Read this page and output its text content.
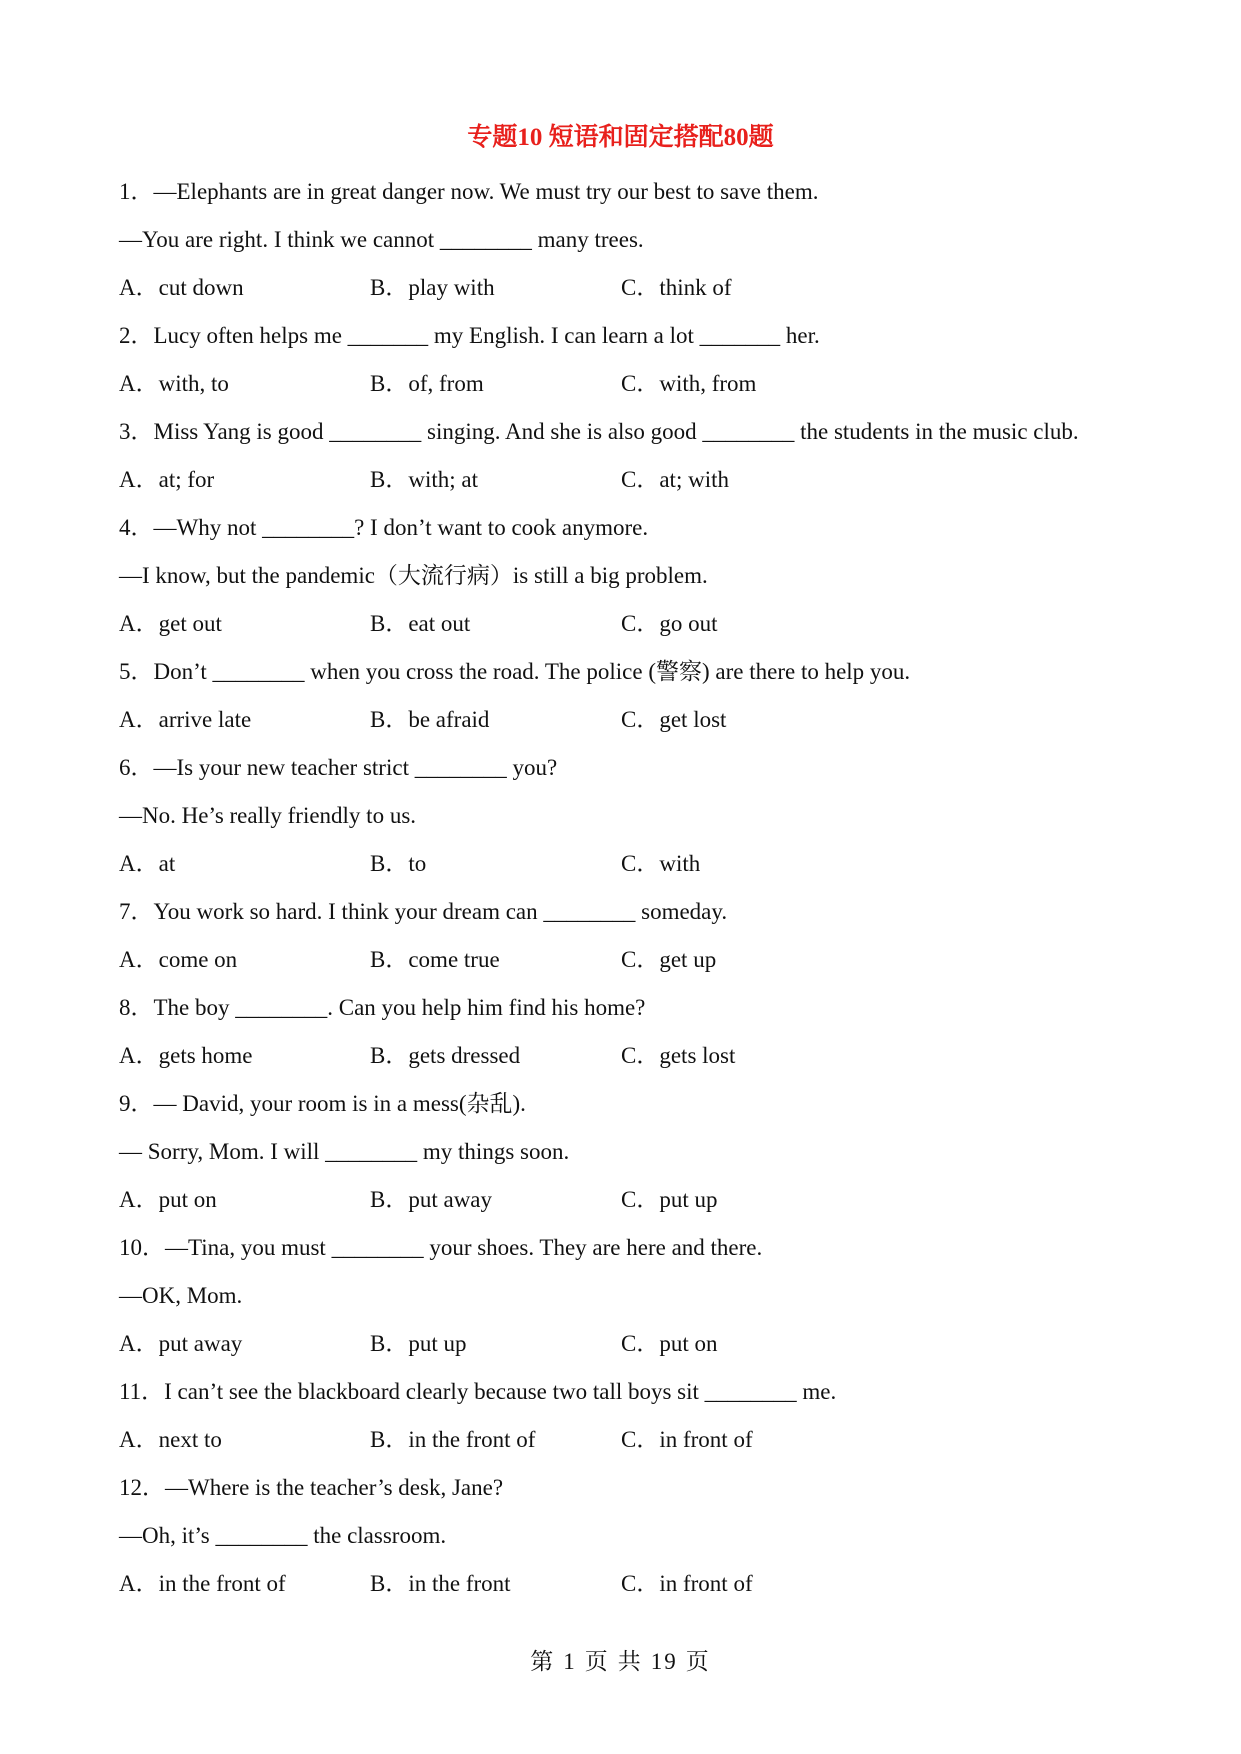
专题10 短语和固定搭配80题
1．—Elephants are in great danger now. We must try our best to save them.
—You are right. I think we cannot ________ many trees.
A．cut down	B．play with	C．think of
2．Lucy often helps me _______ my English. I can learn a lot _______ her.
A．with, to	B．of, from	C．with, from
3．Miss Yang is good ________ singing. And she is also good ________ the students in the music club.
A．at; for	B．with; at	C．at; with
4．—Why not ________? I don’t want to cook anymore.
—I know, but the pandemic（大流行病）is still a big problem.
A．get out	B．eat out	C．go out
5．Don’t ________ when you cross the road. The police (警察) are there to help you.
A．arrive late	B．be afraid	C．get lost
6．—Is your new teacher strict ________ you?
—No. He’s really friendly to us.
A．at	B．to	C．with
7．You work so hard. I think your dream can ________ someday.
A．come on	B．come true	C．get up
8．The boy ________. Can you help him find his home?
A．gets home	B．gets dressed	C．gets lost
9．— David, your room is in a mess(杂乱).
— Sorry, Mom. I will ________ my things soon.
A．put on	B．put away	C．put up
10．—Tina, you must ________ your shoes. They are here and there.
—OK, Mom.
A．put away	B．put up	C．put on
11．I can’t see the blackboard clearly because two tall boys sit ________ me.
A．next to	B．in the front of	C．in front of
12．—Where is the teacher’s desk, Jane?
—Oh, it’s ________ the classroom.
A．in the front of	B．in the front	C．in front of
第 1 页 共 19 页
